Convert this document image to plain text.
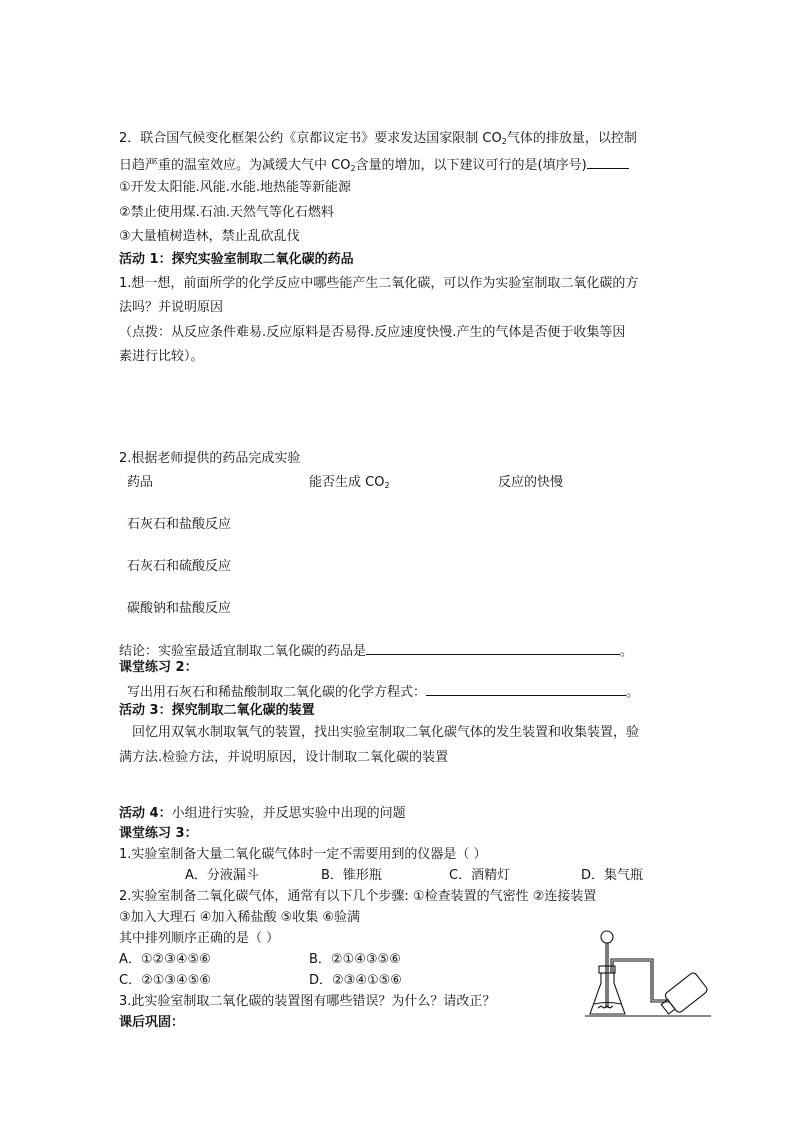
2．联合国气候变化框架公约《京都议定书》要求发达国家限制 $CO_2$气体的排放量，以控制
日趋严重的温室效应。为减缓大气中 $CO_2$含量的增加，以下建议可行的是(填序号)
①开发太阳能.风能.水能.地热能等新能源
②禁止使用煤.石油.天然气等化石燃料
③大量植树造林，禁止乱砍乱伐
活动 1：探究实验室制取二氧化碳的药品
1.想一想，前面所学的化学反应中哪些能产生二氧化碳，可以作为实验室制取二氧化碳的方
法吗？并说明原因
（点拨：从反应条件难易.反应原料是否易得.反应速度快慢.产生的气体是否便于收集等因
素进行比较）。
2.根据老师提供的药品完成实验
药品	能否生成 $CO_2$	反应的快慢
石灰石和盐酸反应
石灰石和硫酸反应
碳酸钠和盐酸反应
结论：实验室最适宜制取二氧化碳的药品是	。
课堂练习 2：
写出用石灰石和稀盐酸制取二氧化碳的化学方程式：	。
活动 3：探究制取二氧化碳的装置
回忆用双氧水制取氧气的装置，找出实验室制取二氧化碳气体的发生装置和收集装置，验
满方法.检验方法，并说明原因，设计制取二氧化碳的装置
活动 4：小组进行实验，并反思实验中出现的问题
课堂练习 3：
1.实验室制备大量二氧化碳气体时一定不需要用到的仪器是（ ）
A．分液漏斗	B．锥形瓶	C．酒精灯	D．集气瓶
2.实验室制备二氧化碳气体，通常有以下几个步骤: ①检查装置的气密性 ②连接装置
③加入大理石 ④加入稀盐酸 ⑤收集 ⑥验满
其中排列顺序正确的是（ ）
A．①②③④⑤⑥	B．②①④③⑤⑥
C．②①③④⑤⑥	D．②③④①⑤⑥
3.此实验室制取二氧化碳的装置图有哪些错误？为什么？请改正？
课后巩固：
